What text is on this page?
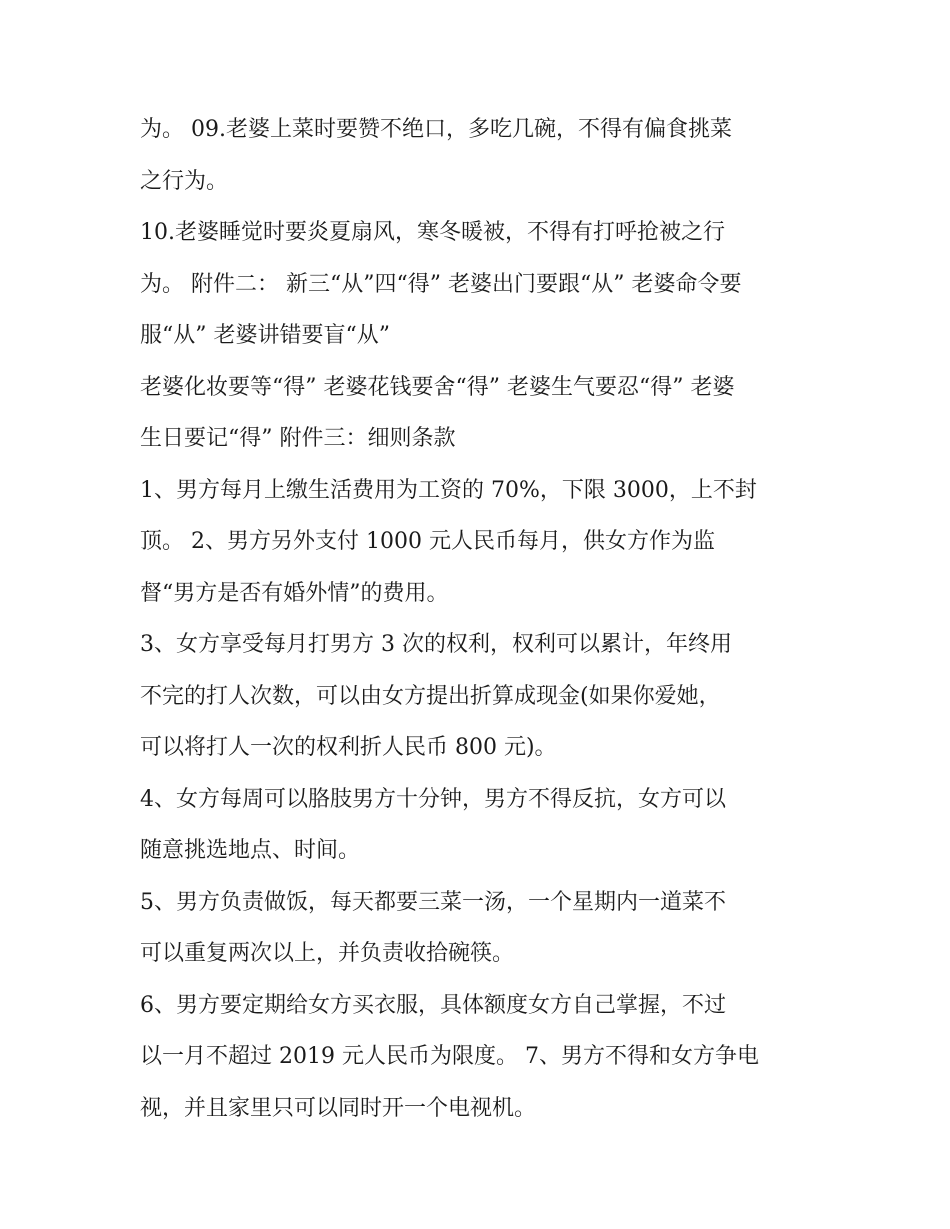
为。 09.老婆上菜时要赞不绝口，多吃几碗，不得有偏食挑菜
之行为。
10.老婆睡觉时要炎夏扇风，寒冬暖被，不得有打呼抢被之行
为。 附件二： 新三“从”四“得” 老婆出门要跟“从” 老婆命令要
服“从” 老婆讲错要盲“从”
老婆化妆要等“得” 老婆花钱要舍“得” 老婆生气要忍“得” 老婆
生日要记“得” 附件三：细则条款
1、男方每月上缴生活费用为工资的 70%，下限 3000，上不封
顶。 2、男方另外支付 1000 元人民币每月，供女方作为监
督“男方是否有婚外情”的费用。
3、女方享受每月打男方 3 次的权利，权利可以累计，年终用
不完的打人次数，可以由女方提出折算成现金(如果你爱她，
可以将打人一次的权利折人民币 800 元)。
4、女方每周可以胳肢男方十分钟，男方不得反抗，女方可以
随意挑选地点、时间。
5、男方负责做饭，每天都要三菜一汤，一个星期内一道菜不
可以重复两次以上，并负责收拾碗筷。
6、男方要定期给女方买衣服，具体额度女方自己掌握，不过
以一月不超过 2019 元人民币为限度。 7、男方不得和女方争电
视，并且家里只可以同时开一个电视机。
